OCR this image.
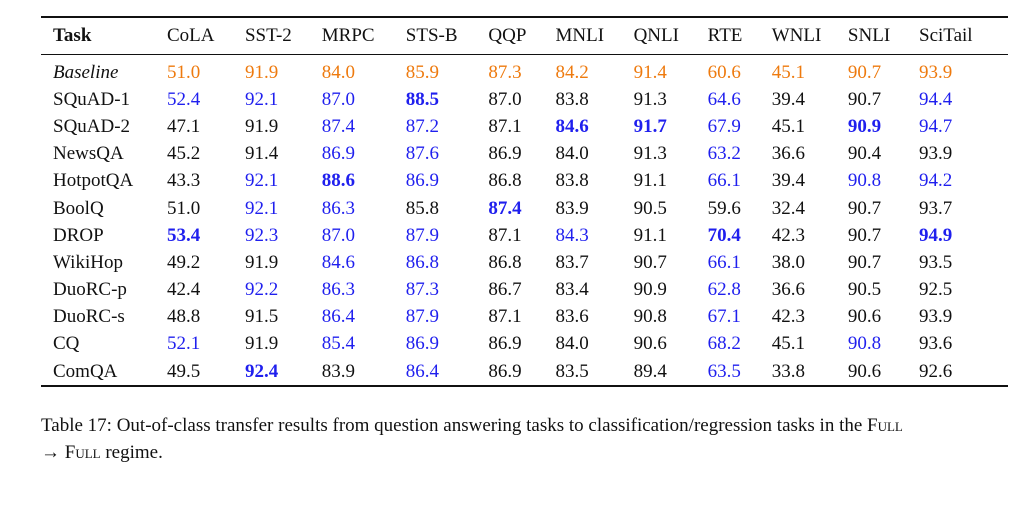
Task	CoLA	SST-2	MRPC	STS-B	QQP	MNLI	QNLI	RTE	WNLI	SNLI	SciTail
Baseline	51.0	91.9	84.0	85.9	87.3	84.2	91.4	60.6	45.1	90.7	93.9
SQuAD-1	52.4	92.1	87.0	88.5	87.0	83.8	91.3	64.6	39.4	90.7	94.4
SQuAD-2	47.1	91.9	87.4	87.2	87.1	84.6	91.7	67.9	45.1	90.9	94.7
NewsQA	45.2	91.4	86.9	87.6	86.9	84.0	91.3	63.2	36.6	90.4	93.9
HotpotQA	43.3	92.1	88.6	86.9	86.8	83.8	91.1	66.1	39.4	90.8	94.2
BoolQ	51.0	92.1	86.3	85.8	87.4	83.9	90.5	59.6	32.4	90.7	93.7
DROP	53.4	92.3	87.0	87.9	87.1	84.3	91.1	70.4	42.3	90.7	94.9
WikiHop	49.2	91.9	84.6	86.8	86.8	83.7	90.7	66.1	38.0	90.7	93.5
DuoRC-p	42.4	92.2	86.3	87.3	86.7	83.4	90.9	62.8	36.6	90.5	92.5
DuoRC-s	48.8	91.5	86.4	87.9	87.1	83.6	90.8	67.1	42.3	90.6	93.9
CQ	52.1	91.9	85.4	86.9	86.9	84.0	90.6	68.2	45.1	90.8	93.6
ComQA	49.5	92.4	83.9	86.4	86.9	83.5	89.4	63.5	33.8	90.6	92.6
Table 17: Out-of-class transfer results from question answering tasks to classification/regression tasks in the Full
→ Full regime.
